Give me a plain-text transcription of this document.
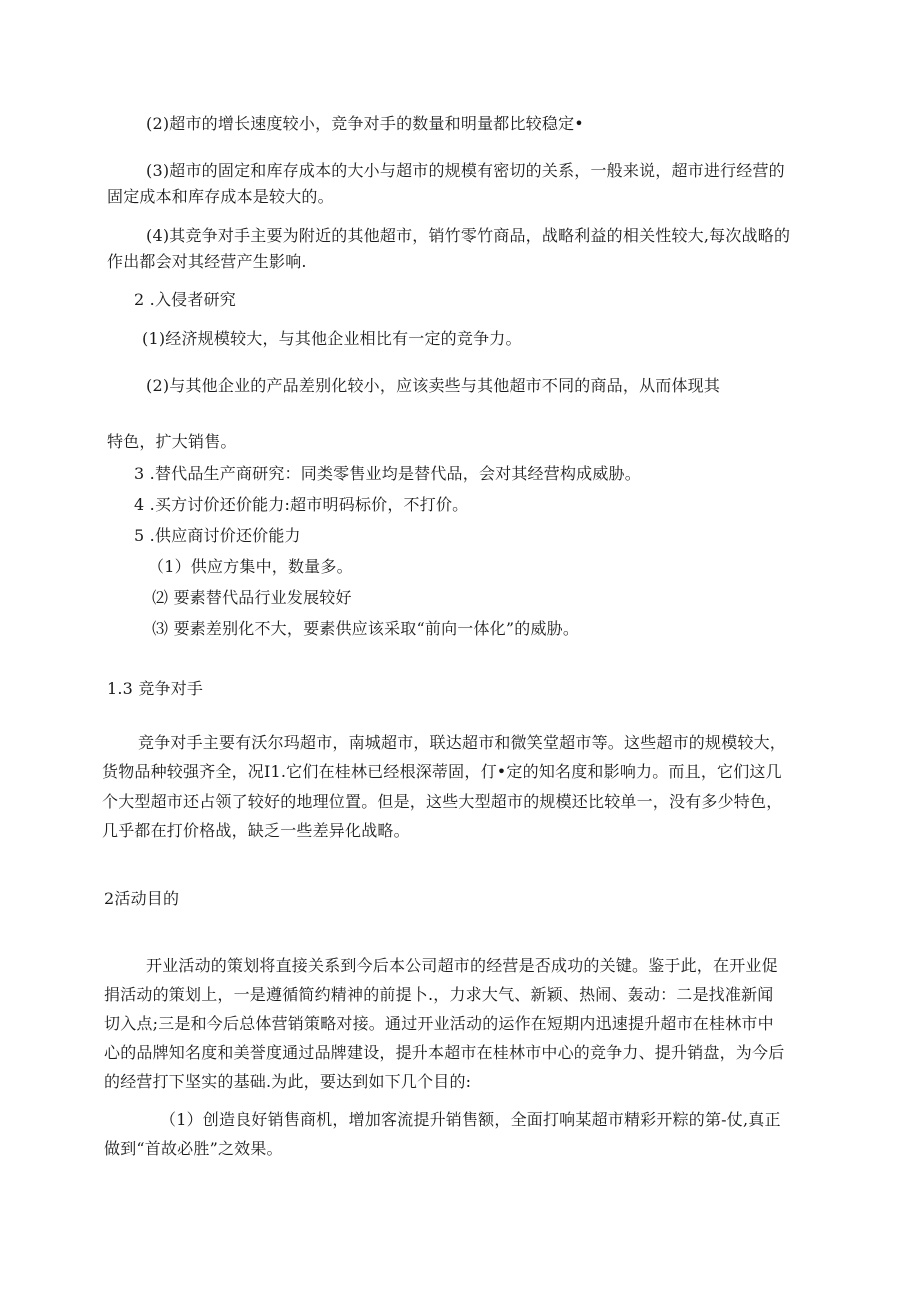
(2)超市的增长速度较小，竞争对手的数量和明量都比较稳定•
(3)超市的固定和库存成本的大小与超市的规模有密切的关系，一般来说，超市进行经营的
固定成本和库存成本是较大的。
(4)其竞争对手主要为附近的其他超市，销竹零竹商品，战略利益的相关性较大,每次战略的
作出都会对其经营产生影响.
2 .入侵者研究
(1)经济规模较大，与其他企业相比有一定的竞争力。
(2)与其他企业的产品差别化较小，应该卖些与其他超市不同的商品，从而体现其
特色，扩大销售。
3 .替代品生产商研究：同类零售业均是替代品，会对其经营构成威胁。
4 .买方讨价还价能力:超市明码标价，不打价。
5 .供应商讨价还价能力
（1）供应方集中，数量多。
⑵ 要素替代品行业发展较好
⑶ 要素差别化不大，要素供应该采取“前向一体化”的威胁。
1.3 竞争对手
竞争对手主要有沃尔玛超市，南城超市，联达超市和微笑堂超市等。这些超市的规模较大，
货物品种较强齐全，况I1.它们在桂林已经根深蒂固，仃•定的知名度和影响力。而且，它们这几
个大型超市还占领了较好的地理位置。但是，这些大型超市的规模还比较单一，没有多少特色，
几乎都在打价格战，缺乏一些差异化战略。
2活动目的
开业活动的策划将直接关系到今后本公司超市的经营是否成功的关键。鉴于此，在开业促
捐活动的策划上，一是遵循简约精神的前提卜.，力求大气、新颖、热闹、轰动：二是找准新闻
切入点;三是和今后总体营销策略对接。通过开业活动的运作在短期内迅速提升超市在桂林市中
心的品牌知名度和美誉度通过品牌建设，提升本超市在桂林市中心的竞争力、提升销盘，为今后
的经营打下坚实的基础.为此，要达到如下几个目的:
（1）创造良好销售商机，增加客流提升销售额，全面打响某超市精彩开粽的第-仗,真正
做到“首故必胜”之效果。
